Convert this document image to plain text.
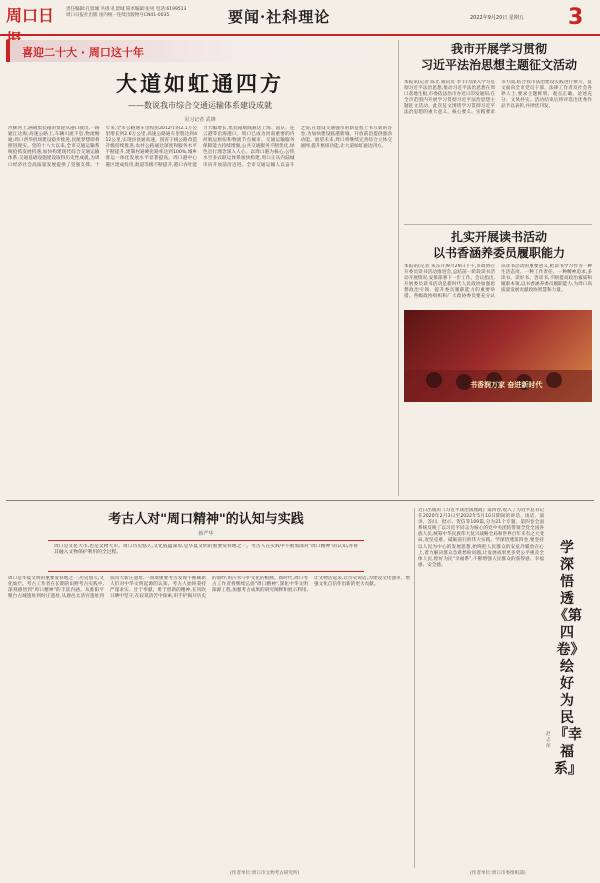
周口日	责任编辑:孔留城 共排:孔留城 简术编辑:张男 电话:6199513
周口日报社出版 国内统一连续出版物号CN41-0035	要闻·社科理论	2022年9月20日 星期五 3
喜迎二十大 · 周口这十年
大道如虹通四方
——数说我市综合交通运输体系建设成就
见习记者 武锋
沙颍河上,满载集装箱的货轮从港口驶出,一路通江达海;高速公路上,车辆川流不息,物流畅通;周口西华机场建设稳步推进,民航梦想即将照进现实。党的十八大以来,全市交通运输系统抢抓发展机遇,加快构建现代综合交通运输体系,交通基础设施建设取得历史性成就,为周口经济社会高质量发展提供了坚强支撑。十年来,全市公路通车里程由2012年的2.1万公里增长到2.6万公里,高速公路通车里程达到412公里,实现县县通高速。国省干线公路改造升级持续推进,农村公路通达深度和服务水平不断提升,建制村通硬化路率达到100%,城乡客运一体化发展水平显著提高。周口港中心港区建成投用,航道等级不断提升,港口吞吐能力大幅增长,集装箱航线通达上海、南京、连云港等沿海港口。周口已成为河南重要的内河航运枢纽和物流节点城市。交通运输服务保障能力持续增强,公共交通服务不断优化,绿色出行理念深入人心。以周口港为核心,公铁水空多式联运体系加快构建,周口正从内陆城市向开放前沿迈进。全市交通运输人以奋斗之姿,在建设交通强市的新征程上书写新的答卷,为加快建设临港新城、开放前沿提供强劲动能。展望未来,周口将继续完善综合立体交通网,提升枢纽功能,让大道如虹通达四方。
我市开展学习贯彻
习近平法治思想主题征文活动
本报讯(记者 陈光 通讯员 李丰)为深入学习贯彻习近平法治思想,推动习近平法治思想在周口落地生根,市委依法治市办近日印发通知,在全市范围内开展学习贯彻习近平法治思想主题征文活动。此次征文围绕学习贯彻习近平法治思想的重大意义、核心要义、实践要求等方面,结合我市法治建设实践进行撰写。征文面向全市党员干部、法律工作者及社会各界人士,要求主题鲜明、观点正确、论述充分、文风朴实。活动结束后将评选出优秀作品予以表彰,并择优刊发。
扎实开展读书活动
以书香涵养委员履职能力
本报讯(记者 朱东升)9月29日下午,市政协召开委员读书活动推进会,总结前一阶段读书活动开展情况,安排部署下一步工作。会议指出,开展委员读书活动是新时代人民政协加强思想政治引领、提升委员履职能力的重要举措。各级政协组织和广大政协委员要充分认识读书活动的重要意义,把读书学习作为一种生活态度、一种工作责任、一种精神追求,多读书、读好书、善读书,不断提高政治素质和履职本领,以书香涵养委员履职能力,为周口高质量发展贡献政协智慧和力量。
书香润万家 奋进新时代
考古人对"周口精神"的认知与实践
韩严华
周口是文化大市,也是文物大市。周口历史悠久,文化底蕴深厚,是华夏文明的重要发祥地之一。考古人在实践中不断加深对"周口精神"的认知,并将其融入文物保护利用的全过程。
周口是华夏文明的重要发祥地之一,历史悠久,文化灿烂。考古工作者在长期的田野考古实践中,深刻感悟到"周口精神"的丰富内涵。从淮阳平粮台古城遗址到时庄遗址,从鹿邑太清宫遗址到扶沟大新庄遗址,一项项重要考古发现不断刷新人们对中华文明起源的认知。考古人始终秉持严谨求实、甘于奉献、勇于创新的精神,在风吹日晒中坚守,在寂寞清苦中探索,用手铲揭开历史的面纱,用汗水守护文化的根脉。新时代,周口考古工作者将继续弘扬"周口精神",深化中华文明探源工程,加强考古成果的研究阐释和展示利用,让文物活起来,让历史说话,为建设文化强市、增强文化自信作出新的更大贡献。
近日出版的《习近平谈治国理政》第四卷,收入了习近平总书记在2020年2月3日至2022年5月10日期间的讲话、谈话、演讲、答问、批示、贺信等109篇,分为21个专题。第四卷全面系统反映了以习近平同志为核心的党中央团结带领全党全国各族人民,统筹中华民族伟大复兴战略全局和世界百年未有之大变局,攻坚克难、砥砺前行的伟大实践。学深悟透第四卷,要坚持以人民为中心的发展思想,始终把人民群众的安危冷暖放在心上,着力解决群众急难愁盼问题,让发展成果更多更公平惠及全体人民,绘好为民"幸福系",不断增强人民群众的获得感、幸福感、安全感。
学深悟透《第四卷》绘好为民『幸福系』
赵志浑
(作者单位:周口市文物考古研究所)	(作者单位:周口市委组织部)
